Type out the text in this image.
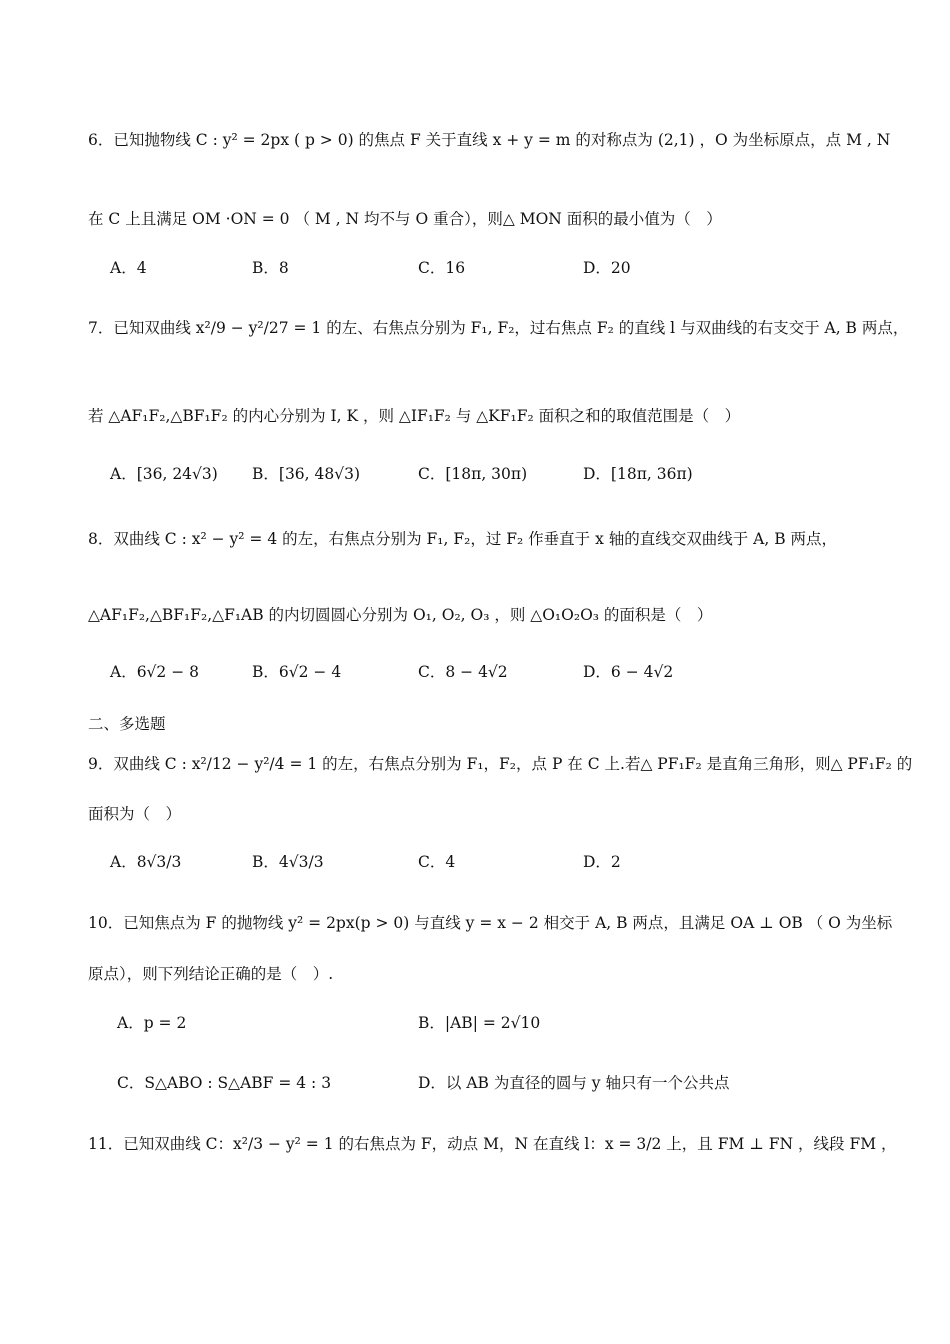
6．已知抛物线 C : y² = 2px ( p > 0) 的焦点 F 关于直线 x + y = m 的对称点为 (2,1) ，O 为坐标原点，点 M , N
在 C 上且满足 OM ·ON = 0 （ M , N 均不与 O 重合），则△ MON 面积的最小值为（　）
A．4	B．8	C．16	D．20
7．已知双曲线 x²/9 − y²/27 = 1 的左、右焦点分别为 F₁, F₂，过右焦点 F₂ 的直线 l 与双曲线的右支交于 A, B 两点，
若 △AF₁F₂,△BF₁F₂ 的内心分别为 I, K ，则 △IF₁F₂ 与 △KF₁F₂ 面积之和的取值范围是（　）
A．[36, 24√3) B．[36, 48√3)	C．[18π, 30π)	D．[18π, 36π)
8．双曲线 C : x² − y² = 4 的左，右焦点分别为 F₁, F₂，过 F₂ 作垂直于 x 轴的直线交双曲线于 A, B 两点，
△AF₁F₂,△BF₁F₂,△F₁AB 的内切圆圆心分别为 O₁, O₂, O₃ ，则 △O₁O₂O₃ 的面积是（　）
A．6√2 − 8	B．6√2 − 4	C．8 − 4√2	D．6 − 4√2
二、多选题
9．双曲线 C : x²/12 − y²/4 = 1 的左，右焦点分别为 F₁，F₂，点 P 在 C 上.若△ PF₁F₂ 是直角三角形，则△ PF₁F₂ 的
面积为（　）
A．8√3/3	B．4√3/3	C．4	D．2
10．已知焦点为 F 的抛物线 y² = 2px(p > 0) 与直线 y = x − 2 相交于 A, B 两点，且满足 OA ⊥ OB （ O 为坐标
原点），则下列结论正确的是（　）.
A．p = 2	B．|AB| = 2√10
C．S△ABO : S△ABF = 4 : 3	D．以 AB 为直径的圆与 y 轴只有一个公共点
11．已知双曲线 C：x²/3 − y² = 1 的右焦点为 F，动点 M，N 在直线 l：x = 3/2 上，且 FM ⊥ FN ，线段 FM ，
